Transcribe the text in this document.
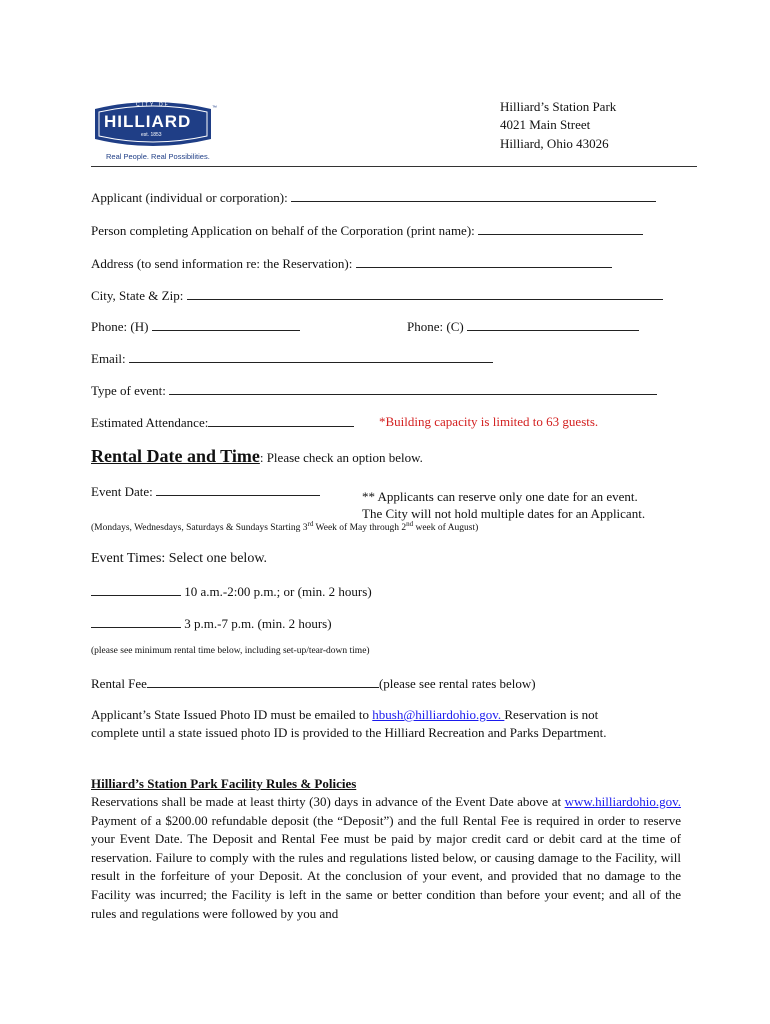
CITY OF
HILLIARD
est. 1853
™
Real People. Real Possibilities.
Hilliard’s Station Park
4021 Main Street
Hilliard, Ohio 43026
Applicant (individual or corporation):
Person completing Application on behalf of the Corporation (print name):
Address (to send information re: the Reservation):
City, State & Zip:
Phone: (H)	Phone: (C)
Email:
Type of event:
Estimated Attendance:	*Building capacity is limited to 63 guests.
Rental Date and Time: Please check an option below.
Event Date:	** Applicants can reserve only one date for an event.
The City will not hold multiple dates for an Applicant.
(Mondays, Wednesdays, Saturdays & Sundays Starting 3rd Week of May through 2nd week of August)
Event Times: Select one below.
10 a.m.-2:00 p.m.; or (min. 2 hours)
3 p.m.-7 p.m. (min. 2 hours)
(please see minimum rental time below, including set-up/tear-down time)
Rental Fee	(please see rental rates below)
Applicant’s State Issued Photo ID must be emailed to hbush@hilliardohio.gov. Reservation is not
complete until a state issued photo ID is provided to the Hilliard Recreation and Parks Department.
Hilliard’s Station Park Facility Rules & Policies
Reservations shall be made at least thirty (30) days in advance of the Event Date above at www.hilliardohio.gov. Payment of a $200.00 refundable deposit (the “Deposit”) and the full Rental Fee is required in order to reserve your Event Date. The Deposit and Rental Fee must be paid by major credit card or debit card at the time of reservation. Failure to comply with the rules and regulations listed below, or causing damage to the Facility, will result in the forfeiture of your Deposit. At the conclusion of your event, and provided that no damage to the Facility was incurred; the Facility is left in the same or better condition than before your event; and all of the rules and regulations were followed by you and
